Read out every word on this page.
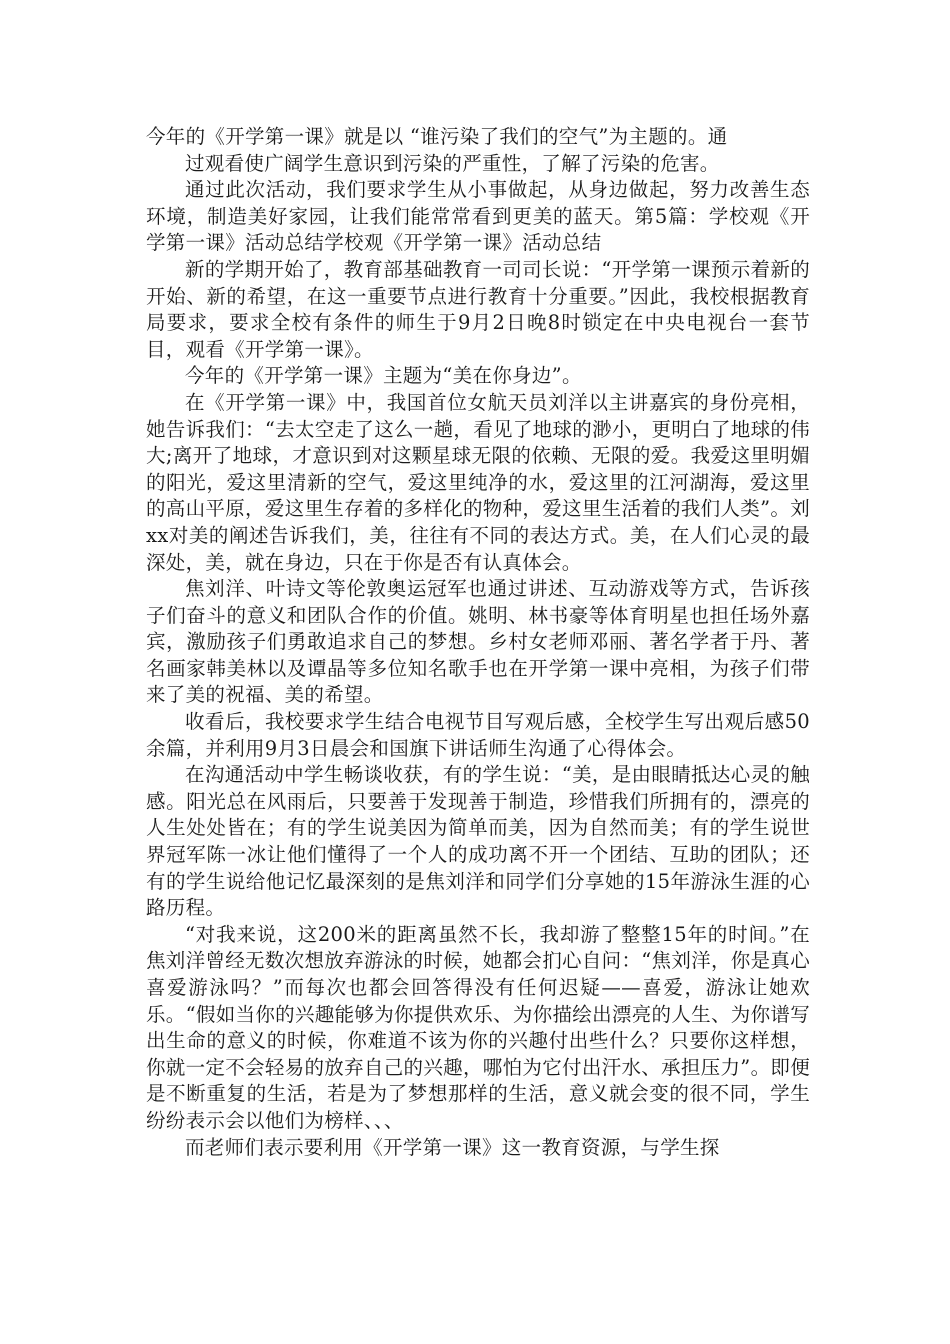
今年的《开学第一课》就是以 “谁污染了我们的空气”为主题的。通

过观看使广阔学生意识到污染的严重性，了解了污染的危害。

通过此次活动，我们要求学生从小事做起，从身边做起，努力改善生态环境，制造美好家园，让我们能常常看到更美的蓝天。第5篇：学校观《开学第一课》活动总结学校观《开学第一课》活动总结

新的学期开始了，教育部基础教育一司司长说：“开学第一课预示着新的开始、新的希望，在这一重要节点进行教育十分重要。”因此，我校根据教育局要求，要求全校有条件的师生于9月2日晚8时锁定在中央电视台一套节目，观看《开学第一课》。

今年的《开学第一课》主题为“美在你身边”。

在《开学第一课》中，我国首位女航天员刘洋以主讲嘉宾的身份亮相，她告诉我们：“去太空走了这么一趟，看见了地球的渺小，更明白了地球的伟大;离开了地球，才意识到对这颗星球无限的依赖、无限的爱。我爱这里明媚的阳光，爱这里清新的空气，爱这里纯净的水，爱这里的江河湖海，爱这里的高山平原，爱这里生存着的多样化的物种，爱这里生活着的我们人类”。刘xx对美的阐述告诉我们，美，往往有不同的表达方式。美，在人们心灵的最深处，美，就在身边，只在于你是否有认真体会。

焦刘洋、叶诗文等伦敦奥运冠军也通过讲述、互动游戏等方式，告诉孩子们奋斗的意义和团队合作的价值。姚明、林书豪等体育明星也担任场外嘉宾，激励孩子们勇敢追求自己的梦想。乡村女老师邓丽、著名学者于丹、著名画家韩美林以及谭晶等多位知名歌手也在开学第一课中亮相，为孩子们带来了美的祝福、美的希望。

收看后，我校要求学生结合电视节目写观后感，全校学生写出观后感50余篇，并利用9月3日晨会和国旗下讲话师生沟通了心得体会。

在沟通活动中学生畅谈收获，有的学生说：“美，是由眼睛抵达心灵的触感。阳光总在风雨后，只要善于发现善于制造，珍惜我们所拥有的，漂亮的人生处处皆在；有的学生说美因为简单而美，因为自然而美；有的学生说世界冠军陈一冰让他们懂得了一个人的成功离不开一个团结、互助的团队；还有的学生说给他记忆最深刻的是焦刘洋和同学们分享她的15年游泳生涯的心路历程。

“对我来说，这200米的距离虽然不长，我却游了整整15年的时间。”在焦刘洋曾经无数次想放弃游泳的时候，她都会扪心自问：“焦刘洋，你是真心喜爱游泳吗？”而每次也都会回答得没有任何迟疑——喜爱，游泳让她欢乐。“假如当你的兴趣能够为你提供欢乐、为你描绘出漂亮的人生、为你谱写出生命的意义的时候，你难道不该为你的兴趣付出些什么？只要你这样想，你就一定不会轻易的放弃自己的兴趣，哪怕为它付出汗水、承担压力”。即便是不断重复的生活，若是为了梦想那样的生活，意义就会变的很不同，学生纷纷表示会以他们为榜样、、、

而老师们表示要利用《开学第一课》这一教育资源，与学生探
